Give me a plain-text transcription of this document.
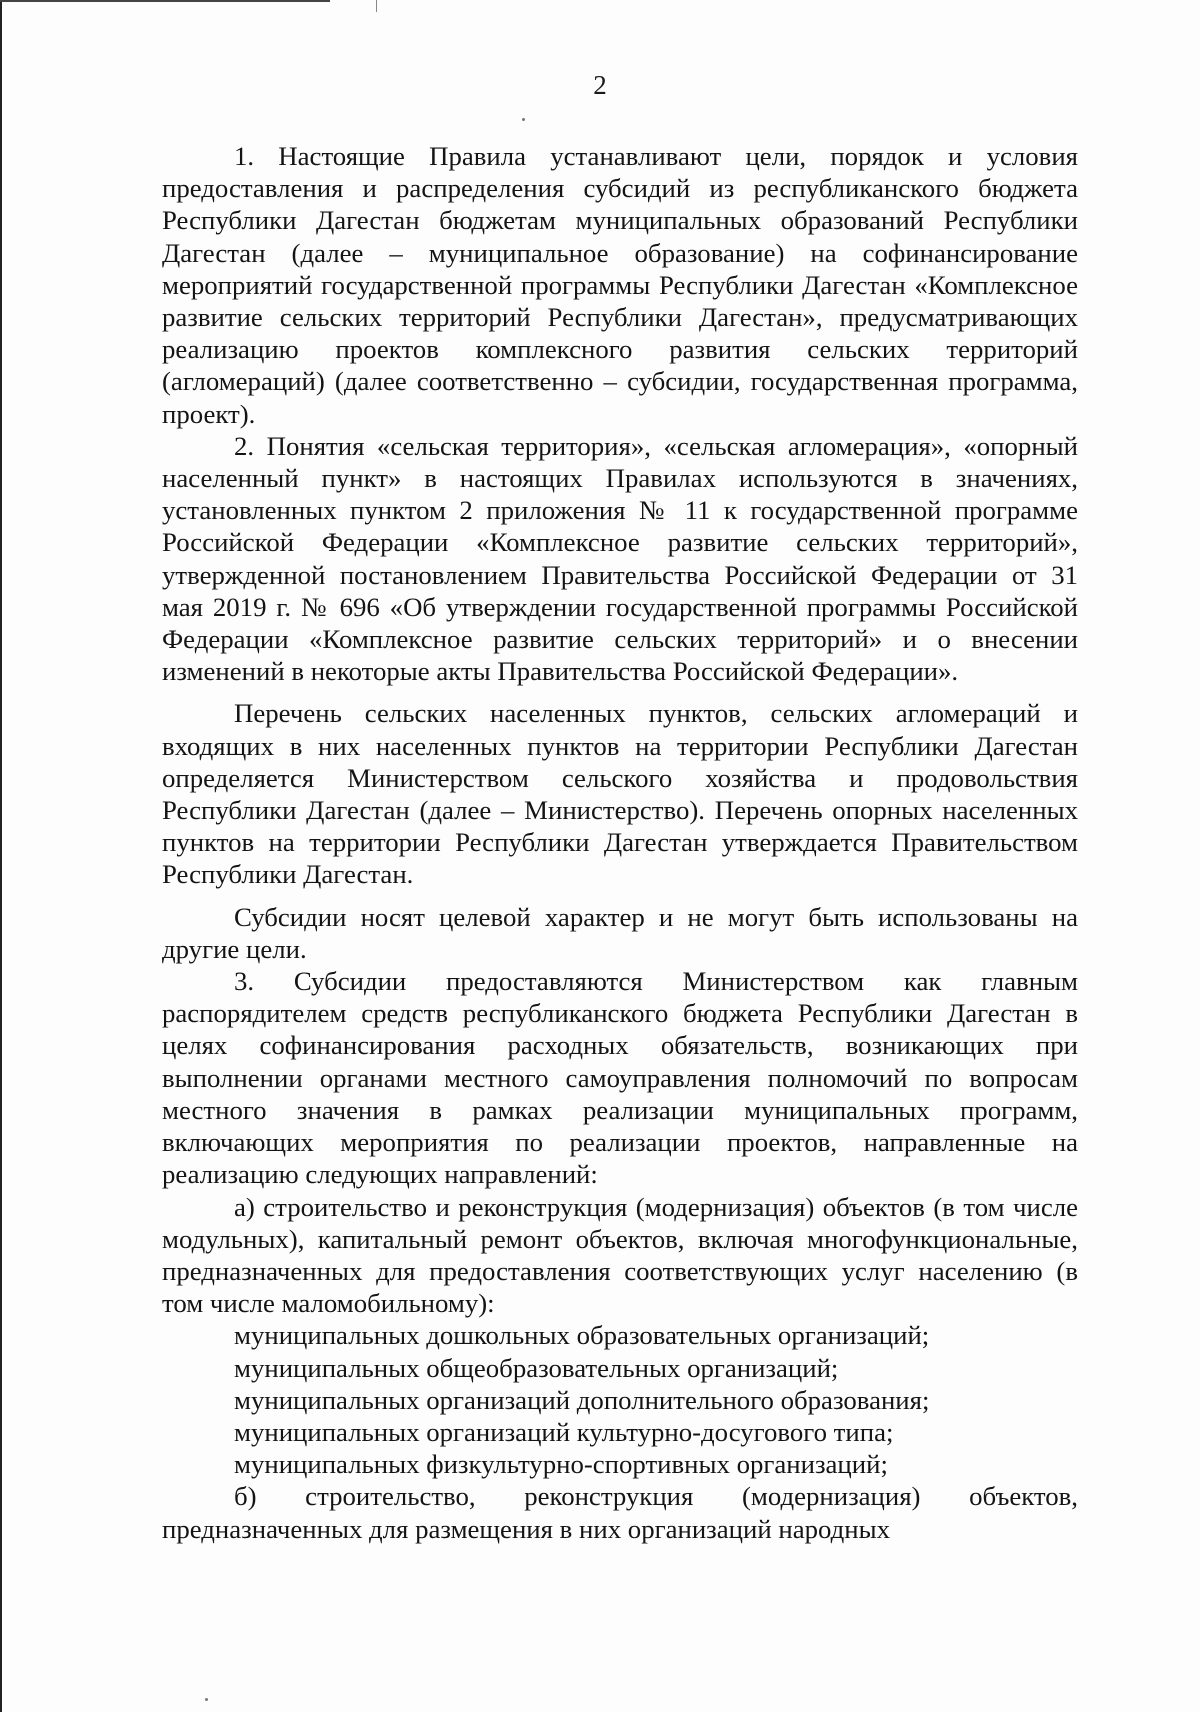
2

1. Настоящие Правила устанавливают цели, порядок и условия предоставления и распределения субсидий из республиканского бюджета Республики Дагестан бюджетам муниципальных образований Республики Дагестан (далее – муниципальное образование) на софинансирование мероприятий государственной программы Республики Дагестан «Комплексное развитие сельских территорий Республики Дагестан», предусматривающих реализацию проектов комплексного развития сельских территорий (агломераций) (далее соответственно – субсидии, государственная программа, проект).

2. Понятия «сельская территория», «сельская агломерация», «опорный населенный пункт» в настоящих Правилах используются в значениях, установленных пунктом 2 приложения № 11 к государственной программе Российской Федерации «Комплексное развитие сельских территорий», утвержденной постановлением Правительства Российской Федерации от 31 мая 2019 г. № 696 «Об утверждении государственной программы Российской Федерации «Комплексное развитие сельских территорий» и о внесении изменений в некоторые акты Правительства Российской Федерации».

Перечень сельских населенных пунктов, сельских агломераций и входящих в них населенных пунктов на территории Республики Дагестан определяется Министерством сельского хозяйства и продовольствия Республики Дагестан (далее – Министерство). Перечень опорных населенных пунктов на территории Республики Дагестан утверждается Правительством Республики Дагестан.

Субсидии носят целевой характер и не могут быть использованы на другие цели.

3. Субсидии предоставляются Министерством как главным распорядителем средств республиканского бюджета Республики Дагестан в целях софинансирования расходных обязательств, возникающих при выполнении органами местного самоуправления полномочий по вопросам местного значения в рамках реализации муниципальных программ, включающих мероприятия по реализации проектов, направленные на реализацию следующих направлений:

а) строительство и реконструкция (модернизация) объектов (в том числе модульных), капитальный ремонт объектов, включая многофункциональные, предназначенных для предоставления соответствующих услуг населению (в том числе маломобильному):

муниципальных дошкольных образовательных организаций;

муниципальных общеобразовательных организаций;

муниципальных организаций дополнительного образования;

муниципальных организаций культурно-досугового типа;

муниципальных физкультурно-спортивных организаций;

б) строительство, реконструкция (модернизация) объектов, предназначенных для размещения в них организаций народных
